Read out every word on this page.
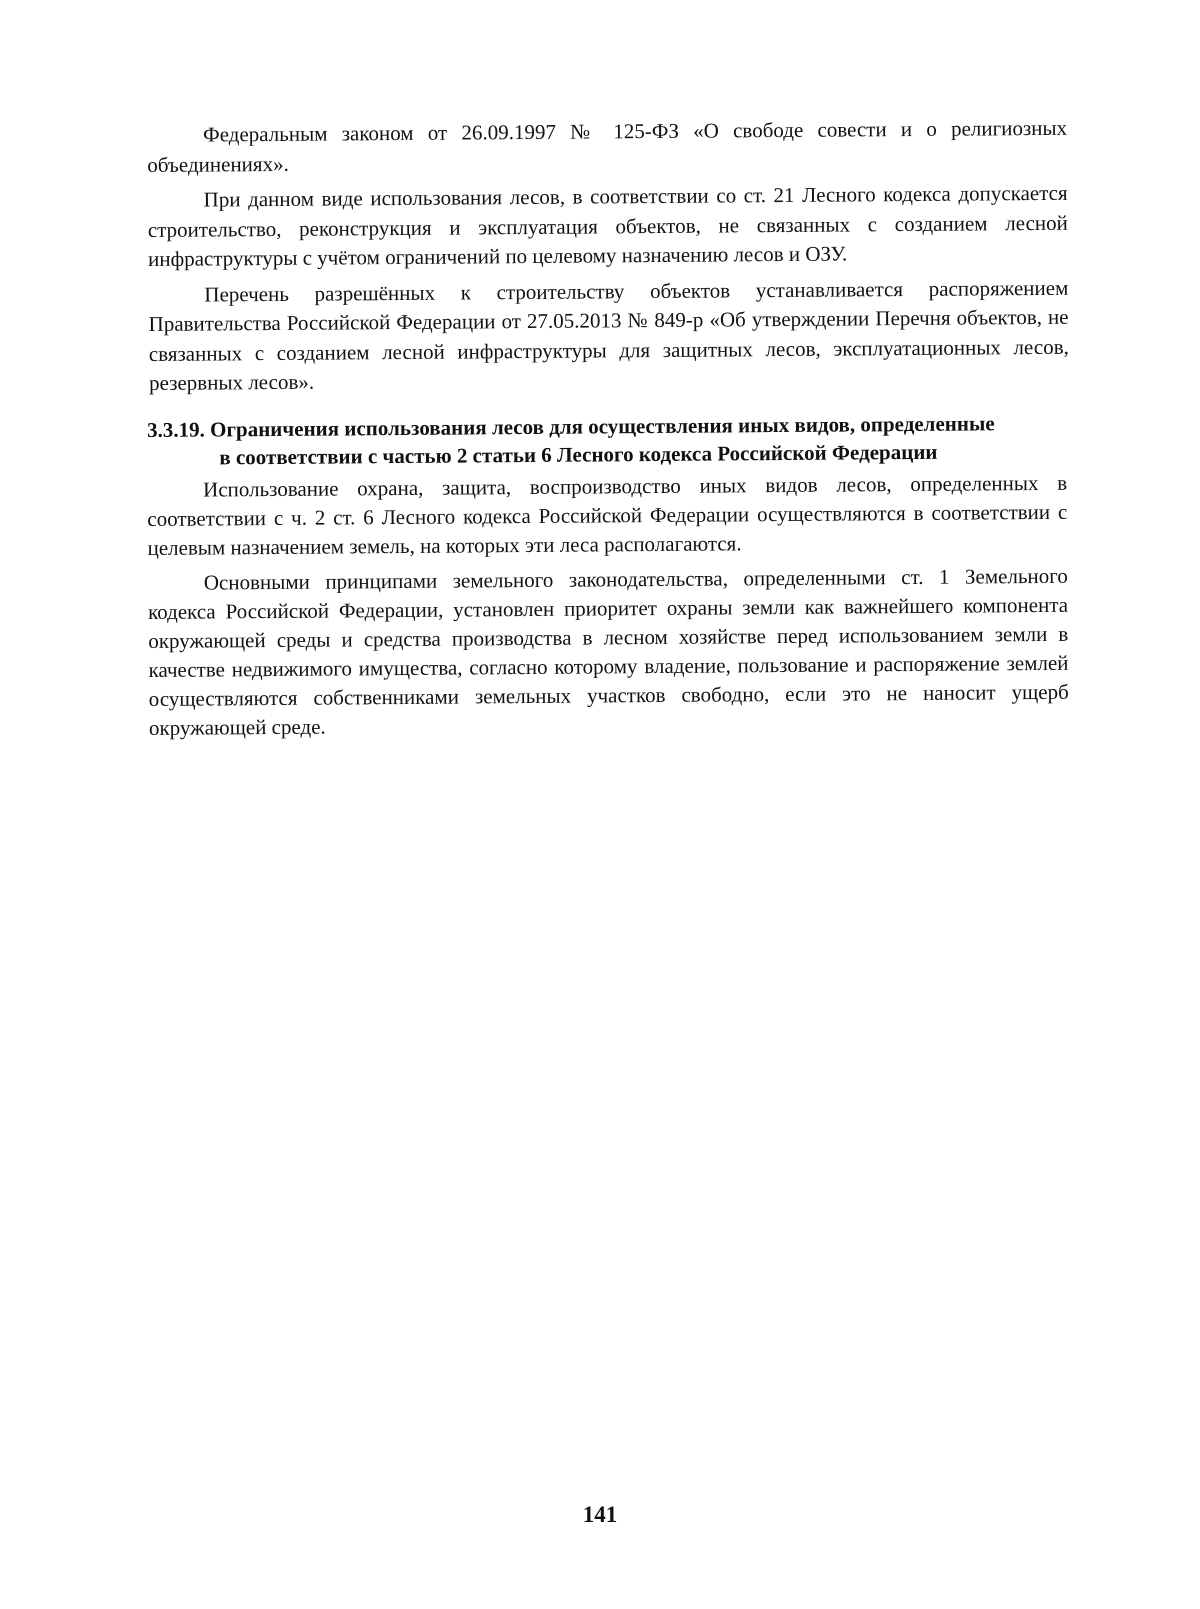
Федеральным законом от 26.09.1997 № 125-ФЗ «О свободе совести и о религиозных объединениях».

При данном виде использования лесов, в соответствии со ст. 21 Лесного кодекса допускается строительство, реконструкция и эксплуатация объектов, не связанных с созданием лесной инфраструктуры с учётом ограничений по целевому назначению лесов и ОЗУ.

Перечень разрешённых к строительству объектов устанавливается распоряжением Правительства Российской Федерации от 27.05.2013 № 849-р «Об утверждении Перечня объектов, не связанных с созданием лесной инфраструктуры для защитных лесов, эксплуатационных лесов, резервных лесов».

3.3.19. Ограничения использования лесов для осуществления иных видов, определенные
в соответствии с частью 2 статьи 6 Лесного кодекса Российской Федерации

Использование охрана, защита, воспроизводство иных видов лесов, определенных в соответствии с ч. 2 ст. 6 Лесного кодекса Российской Федерации осуществляются в соответствии с целевым назначением земель, на которых эти леса располагаются.

Основными принципами земельного законодательства, определенными ст. 1 Земельного кодекса Российской Федерации, установлен приоритет охраны земли как важнейшего компонента окружающей среды и средства производства в лесном хозяйстве перед использованием земли в качестве недвижимого имущества, согласно которому владение, пользование и распоряжение землей осуществляются собственниками земельных участков свободно, если это не наносит ущерб окружающей среде.

141
